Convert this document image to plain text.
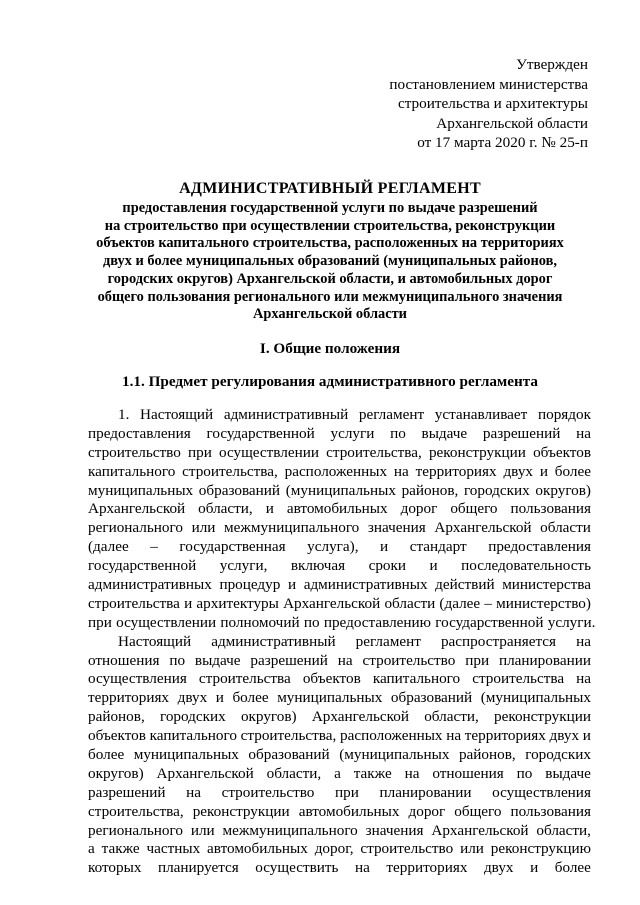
Утвержден
постановлением министерства
строительства и архитектуры
Архангельской области
от 17 марта 2020 г. № 25-п
АДМИНИСТРАТИВНЫЙ РЕГЛАМЕНТ
предоставления государственной услуги по выдаче разрешений
на строительство при осуществлении строительства, реконструкции
объектов капитального строительства, расположенных на территориях
двух и более муниципальных образований (муниципальных районов,
городских округов) Архангельской области, и автомобильных дорог
общего пользования регионального или межмуниципального значения
Архангельской области
I. Общие положения
1.1. Предмет регулирования административного регламента
1. Настоящий административный регламент устанавливает порядок
предоставления государственной услуги по выдаче разрешений на
строительство при осуществлении строительства, реконструкции объектов
капитального строительства, расположенных на территориях двух и более
муниципальных образований (муниципальных районов, городских округов)
Архангельской области, и автомобильных дорог общего пользования
регионального или межмуниципального значения Архангельской области
(далее – государственная услуга), и стандарт предоставления
государственной услуги, включая сроки и последовательность
административных процедур и административных действий министерства
строительства и архитектуры Архангельской области (далее – министерство)
при осуществлении полномочий по предоставлению государственной услуги.
Настоящий административный регламент распространяется на
отношения по выдаче разрешений на строительство при планировании
осуществления строительства объектов капитального строительства на
территориях двух и более муниципальных образований (муниципальных
районов, городских округов) Архангельской области, реконструкции
объектов капитального строительства, расположенных на территориях двух и
более муниципальных образований (муниципальных районов, городских
округов) Архангельской области, а также на отношения по выдаче
разрешений на строительство при планировании осуществления
строительства, реконструкции автомобильных дорог общего пользования
регионального или межмуниципального значения Архангельской области,
а также частных автомобильных дорог, строительство или реконструкцию
которых планируется осуществить на территориях двух и более
